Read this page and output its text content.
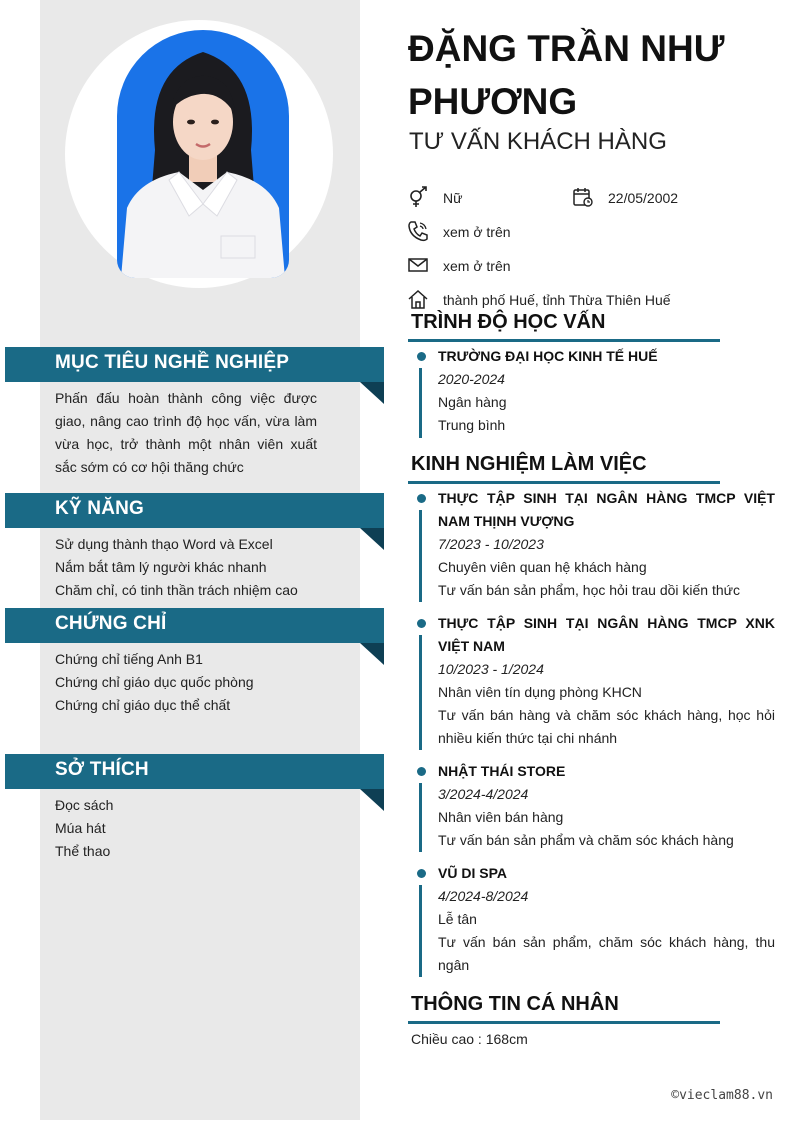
ĐẶNG TRẦN NHƯ PHƯƠNG
TƯ VẤN KHÁCH HÀNG
Nữ	22/05/2002
xem ở trên
xem ở trên
thành phố Huế, tỉnh Thừa Thiên Huế
MỤC TIÊU NGHỀ NGHIỆP
Phấn đấu hoàn thành công việc được giao, nâng cao trình độ học vấn, vừa làm vừa học, trở thành một nhân viên xuất sắc sớm có cơ hội thăng chức
KỸ NĂNG
Sử dụng thành thạo Word và Excel
Nắm bắt tâm lý người khác nhanh
Chăm chỉ, có tinh thần trách nhiệm cao
CHỨNG CHỈ
Chứng chỉ tiếng Anh B1
Chứng chỉ giáo dục quốc phòng
Chứng chỉ giáo dục thể chất
SỞ THÍCH
Đọc sách
Múa hát
Thể thao
TRÌNH ĐỘ HỌC VẤN
TRƯỜNG ĐẠI HỌC KINH TẾ HUẾ
2020-2024
Ngân hàng
Trung bình
KINH NGHIỆM LÀM VIỆC
THỰC TẬP SINH TẠI NGÂN HÀNG TMCP VIỆT NAM THỊNH VƯỢNG
7/2023 - 10/2023
Chuyên viên quan hệ khách hàng
Tư vấn bán sản phẩm, học hỏi trau dồi kiến thức
THỰC TẬP SINH TẠI NGÂN HÀNG TMCP XNK VIỆT NAM
10/2023 - 1/2024
Nhân viên tín dụng phòng KHCN
Tư vấn bán hàng và chăm sóc khách hàng, học hỏi nhiều kiến thức tại chi nhánh
NHẬT THÁI STORE
3/2024-4/2024
Nhân viên bán hàng
Tư vấn bán sản phẩm và chăm sóc khách hàng
VŨ DI SPA
4/2024-8/2024
Lễ tân
Tư vấn bán sản phẩm, chăm sóc khách hàng, thu ngân
THÔNG TIN CÁ NHÂN
Chiều cao : 168cm
©vieclam88.vn
